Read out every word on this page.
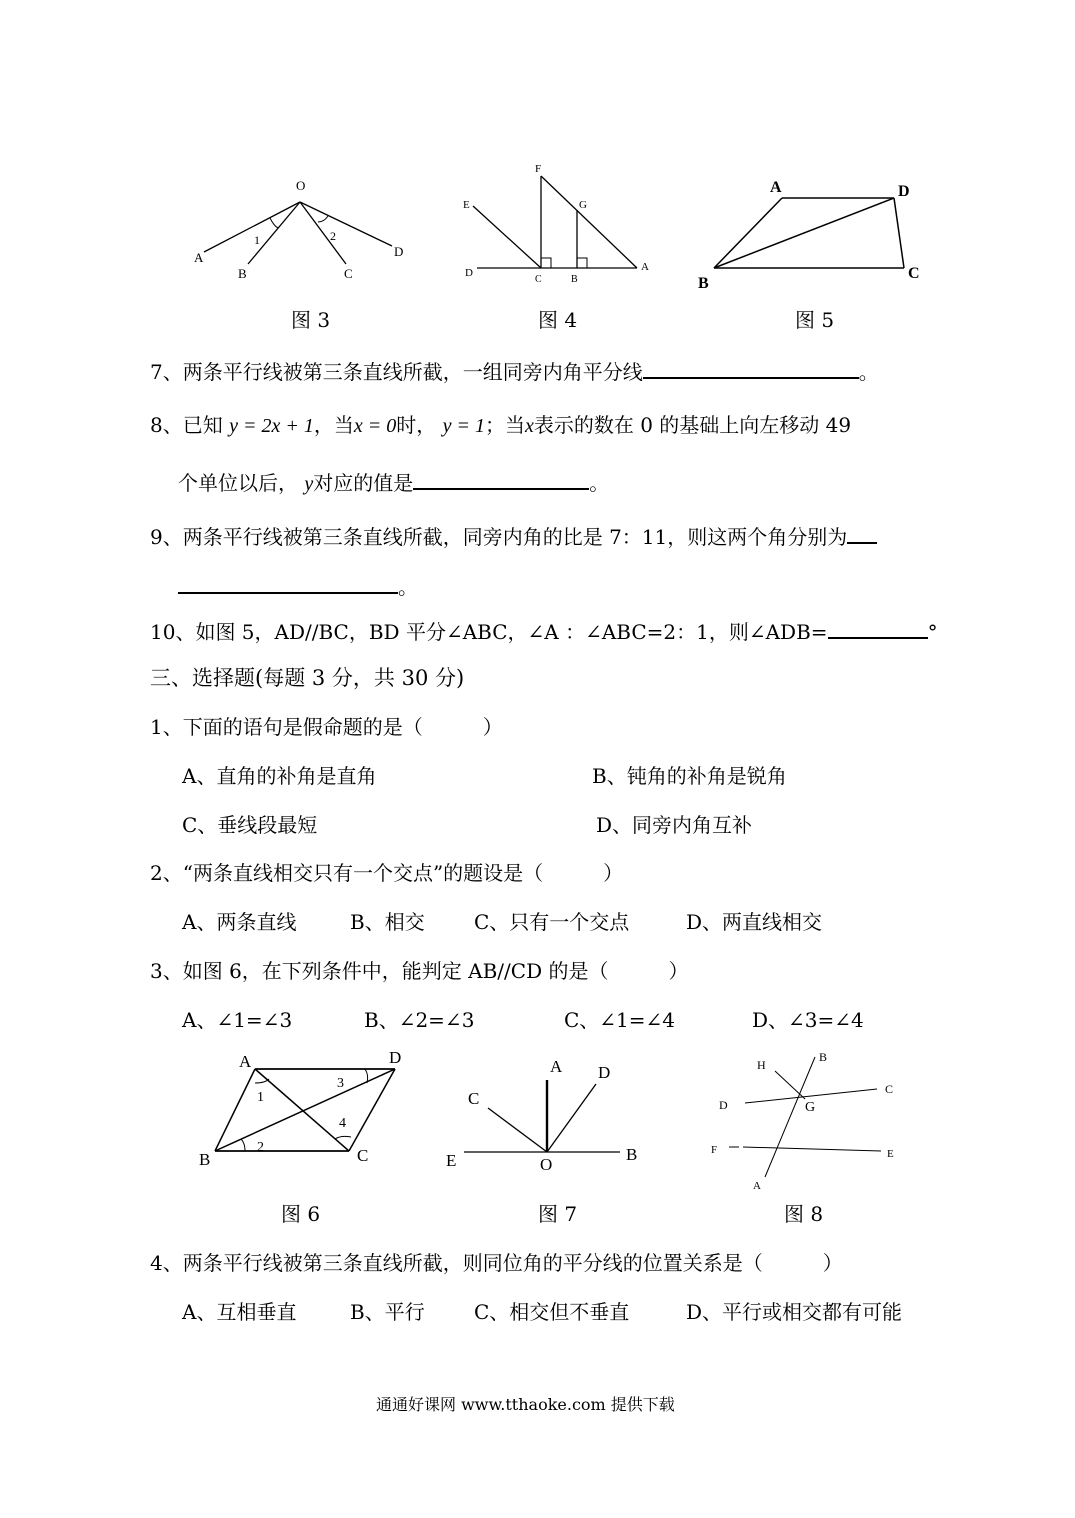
O
A
B	C
D
1	2
图 3
F
E	G
D
C	B
A
图 4
A	D
B
C
图 5
7、两条平行线被第三条直线所截，一组同旁内角平分线	。
8、已知 y = 2x + 1，当x = 0时， y = 1；当x表示的数在 0 的基础上向左移动 49
个单位以后， y对应的值是	。
9、两条平行线被第三条直线所截，同旁内角的比是 7：11，则这两个角分别为
。
10、如图 5，AD//BC，BD 平分∠ABC，∠A ：∠ABC=2：1，则∠ADB=	°
三、选择题(每题 3 分，共 30 分)
1、下面的语句是假命题的是（　　　）
A、直角的补角是直角	B、钝角的补角是锐角
C、垂线段最短	D、同旁内角互补
2、“两条直线相交只有一个交点”的题设是（　　　）
A、两条直线	B、相交 C、只有一个交点	D、两直线相交
3、如图 6，在下列条件中，能判定 AB//CD 的是（　　　）
A、∠1=∠3	B、∠2=∠3	C、∠1=∠4	D、∠3=∠4
A	D
B	C
1
2
3
4
图 6
A D
C
E	O
B
图 7
H
B
D	G
C
F	E
A
图 8
4、两条平行线被第三条直线所截，则同位角的平分线的位置关系是（　　　）
A、互相垂直	B、平行 C、相交但不垂直	D、平行或相交都有可能
通通好课网 www.tthaoke.com 提供下载
